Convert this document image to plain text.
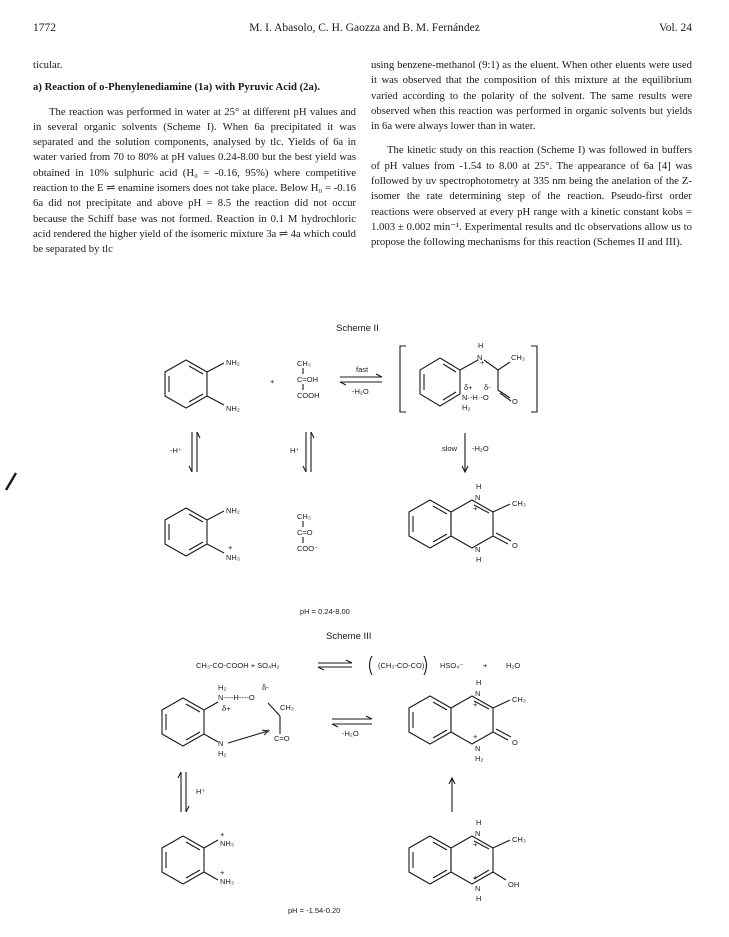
1772	M. I. Abasolo, C. H. Gaozza and B. M. Fernández	Vol. 24

ticular.

a) Reaction of o-Phenylenediamine (1a) with Pyruvic Acid (2a).

The reaction was performed in water at 25° at different pH values and in several organic solvents (Scheme I). When 6a precipitated it was separated and the solution components, analysed by tlc. Yields of 6a in water varied from 70 to 80% at pH values 0.24-8.00 but the best yield was obtained in 10% sulphuric acid (H₀ = -0.16, 95%) where competitive reaction to the E ⇌ enamine isomers does not take place. Below H₀ = -0.16 6a did not precipitate and above pH = 8.5 the reaction did not occur because the Schiff base was not formed. Reaction in 0.1 M hydrochloric acid rendered the higher yield of the isomeric mixture 3a ⇌ 4a which could be separated by tlc

using benzene-methanol (9:1) as the eluent. When other eluents were used it was observed that the composition of this mixture at the equilibrium varied according to the polarity of the solvent. The same results were observed when this reaction was performed in organic solvents but yields in 6a were always lower than in water.

The kinetic study on this reaction (Scheme I) was followed in buffers of pH values from -1.54 to 8.00 at 25°. The appearance of 6a [4] was followed by uv spectrophotometry at 335 nm being the anelation of the Z-isomer the rate determining step of the reaction. Pseudo-first order reactions were observed at every pH range with a kinetic constant kobs = 1.003 ± 0.002 min⁻¹. Experimental results and tlc observations allow us to propose the following mechanisms for this reaction (Schemes II and III).

Scheme II
Scheme III
NH₂
NH₂
+
CH₃
C=OH
COOH
fast
-H₂O
H
N
+
CH₃
O
δ+ δ-
N·-H·-O
H₂
-H⁺	H⁺	slow -H₂O
NH₂
+
NH₃
CH₃
C=O
COO⁻
H
N
+
CH₃
O
N
H
pH = 0.24-8.00
CH₃-CO-COOH + SO₄H₂	(CH₃-CO-CO) HSO₄⁻	+ H₂O
H₂
N----H----O
δ-
δ+	CH₃
C=O
+
N
H₂
-H₂O
H
N
+
CH₃
O
+
N
H₂
H⁺
+
NH₃
+
NH₃
H
N
+
CH₃
OH
+
N
H
pH = -1.54-0.20
